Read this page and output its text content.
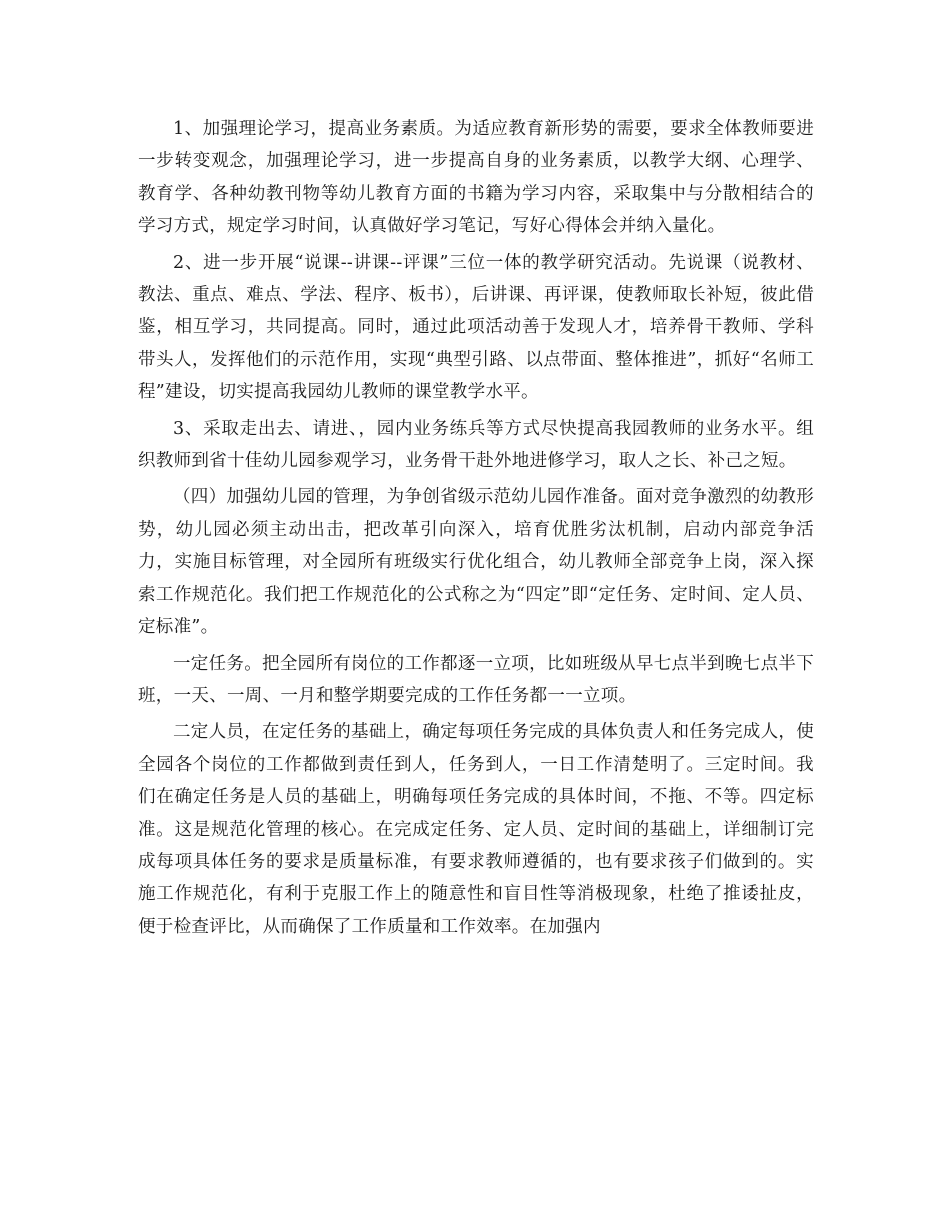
1、加强理论学习，提高业务素质。为适应教育新形势的需要，要求全体教师要进一步转变观念，加强理论学习，进一步提高自身的业务素质，以教学大纲、心理学、教育学、各种幼教刊物等幼儿教育方面的书籍为学习内容，采取集中与分散相结合的学习方式，规定学习时间，认真做好学习笔记，写好心得体会并纳入量化。

2、进一步开展“说课--讲课--评课”三位一体的教学研究活动。先说课（说教材、教法、重点、难点、学法、程序、板书），后讲课、再评课，使教师取长补短，彼此借鉴，相互学习，共同提高。同时，通过此项活动善于发现人才，培养骨干教师、学科带头人，发挥他们的示范作用，实现“典型引路、以点带面、整体推进”，抓好“名师工程”建设，切实提高我园幼儿教师的课堂教学水平。

3、采取走出去、请进、，园内业务练兵等方式尽快提高我园教师的业务水平。组织教师到省十佳幼儿园参观学习，业务骨干赴外地进修学习，取人之长、补己之短。

（四）加强幼儿园的管理，为争创省级示范幼儿园作准备。面对竞争激烈的幼教形势，幼儿园必须主动出击，把改革引向深入，培育优胜劣汰机制，启动内部竞争活力，实施目标管理，对全园所有班级实行优化组合，幼儿教师全部竞争上岗，深入探索工作规范化。我们把工作规范化的公式称之为“四定”即“定任务、定时间、定人员、定标准”。

一定任务。把全园所有岗位的工作都逐一立项，比如班级从早七点半到晚七点半下班，一天、一周、一月和整学期要完成的工作任务都一一立项。

二定人员，在定任务的基础上，确定每项任务完成的具体负责人和任务完成人，使全园各个岗位的工作都做到责任到人，任务到人，一日工作清楚明了。三定时间。我们在确定任务是人员的基础上，明确每项任务完成的具体时间，不拖、不等。四定标准。这是规范化管理的核心。在完成定任务、定人员、定时间的基础上，详细制订完成每项具体任务的要求是质量标准，有要求教师遵循的，也有要求孩子们做到的。实施工作规范化，有利于克服工作上的随意性和盲目性等消极现象，杜绝了推诿扯皮，便于检查评比，从而确保了工作质量和工作效率。在加强内
